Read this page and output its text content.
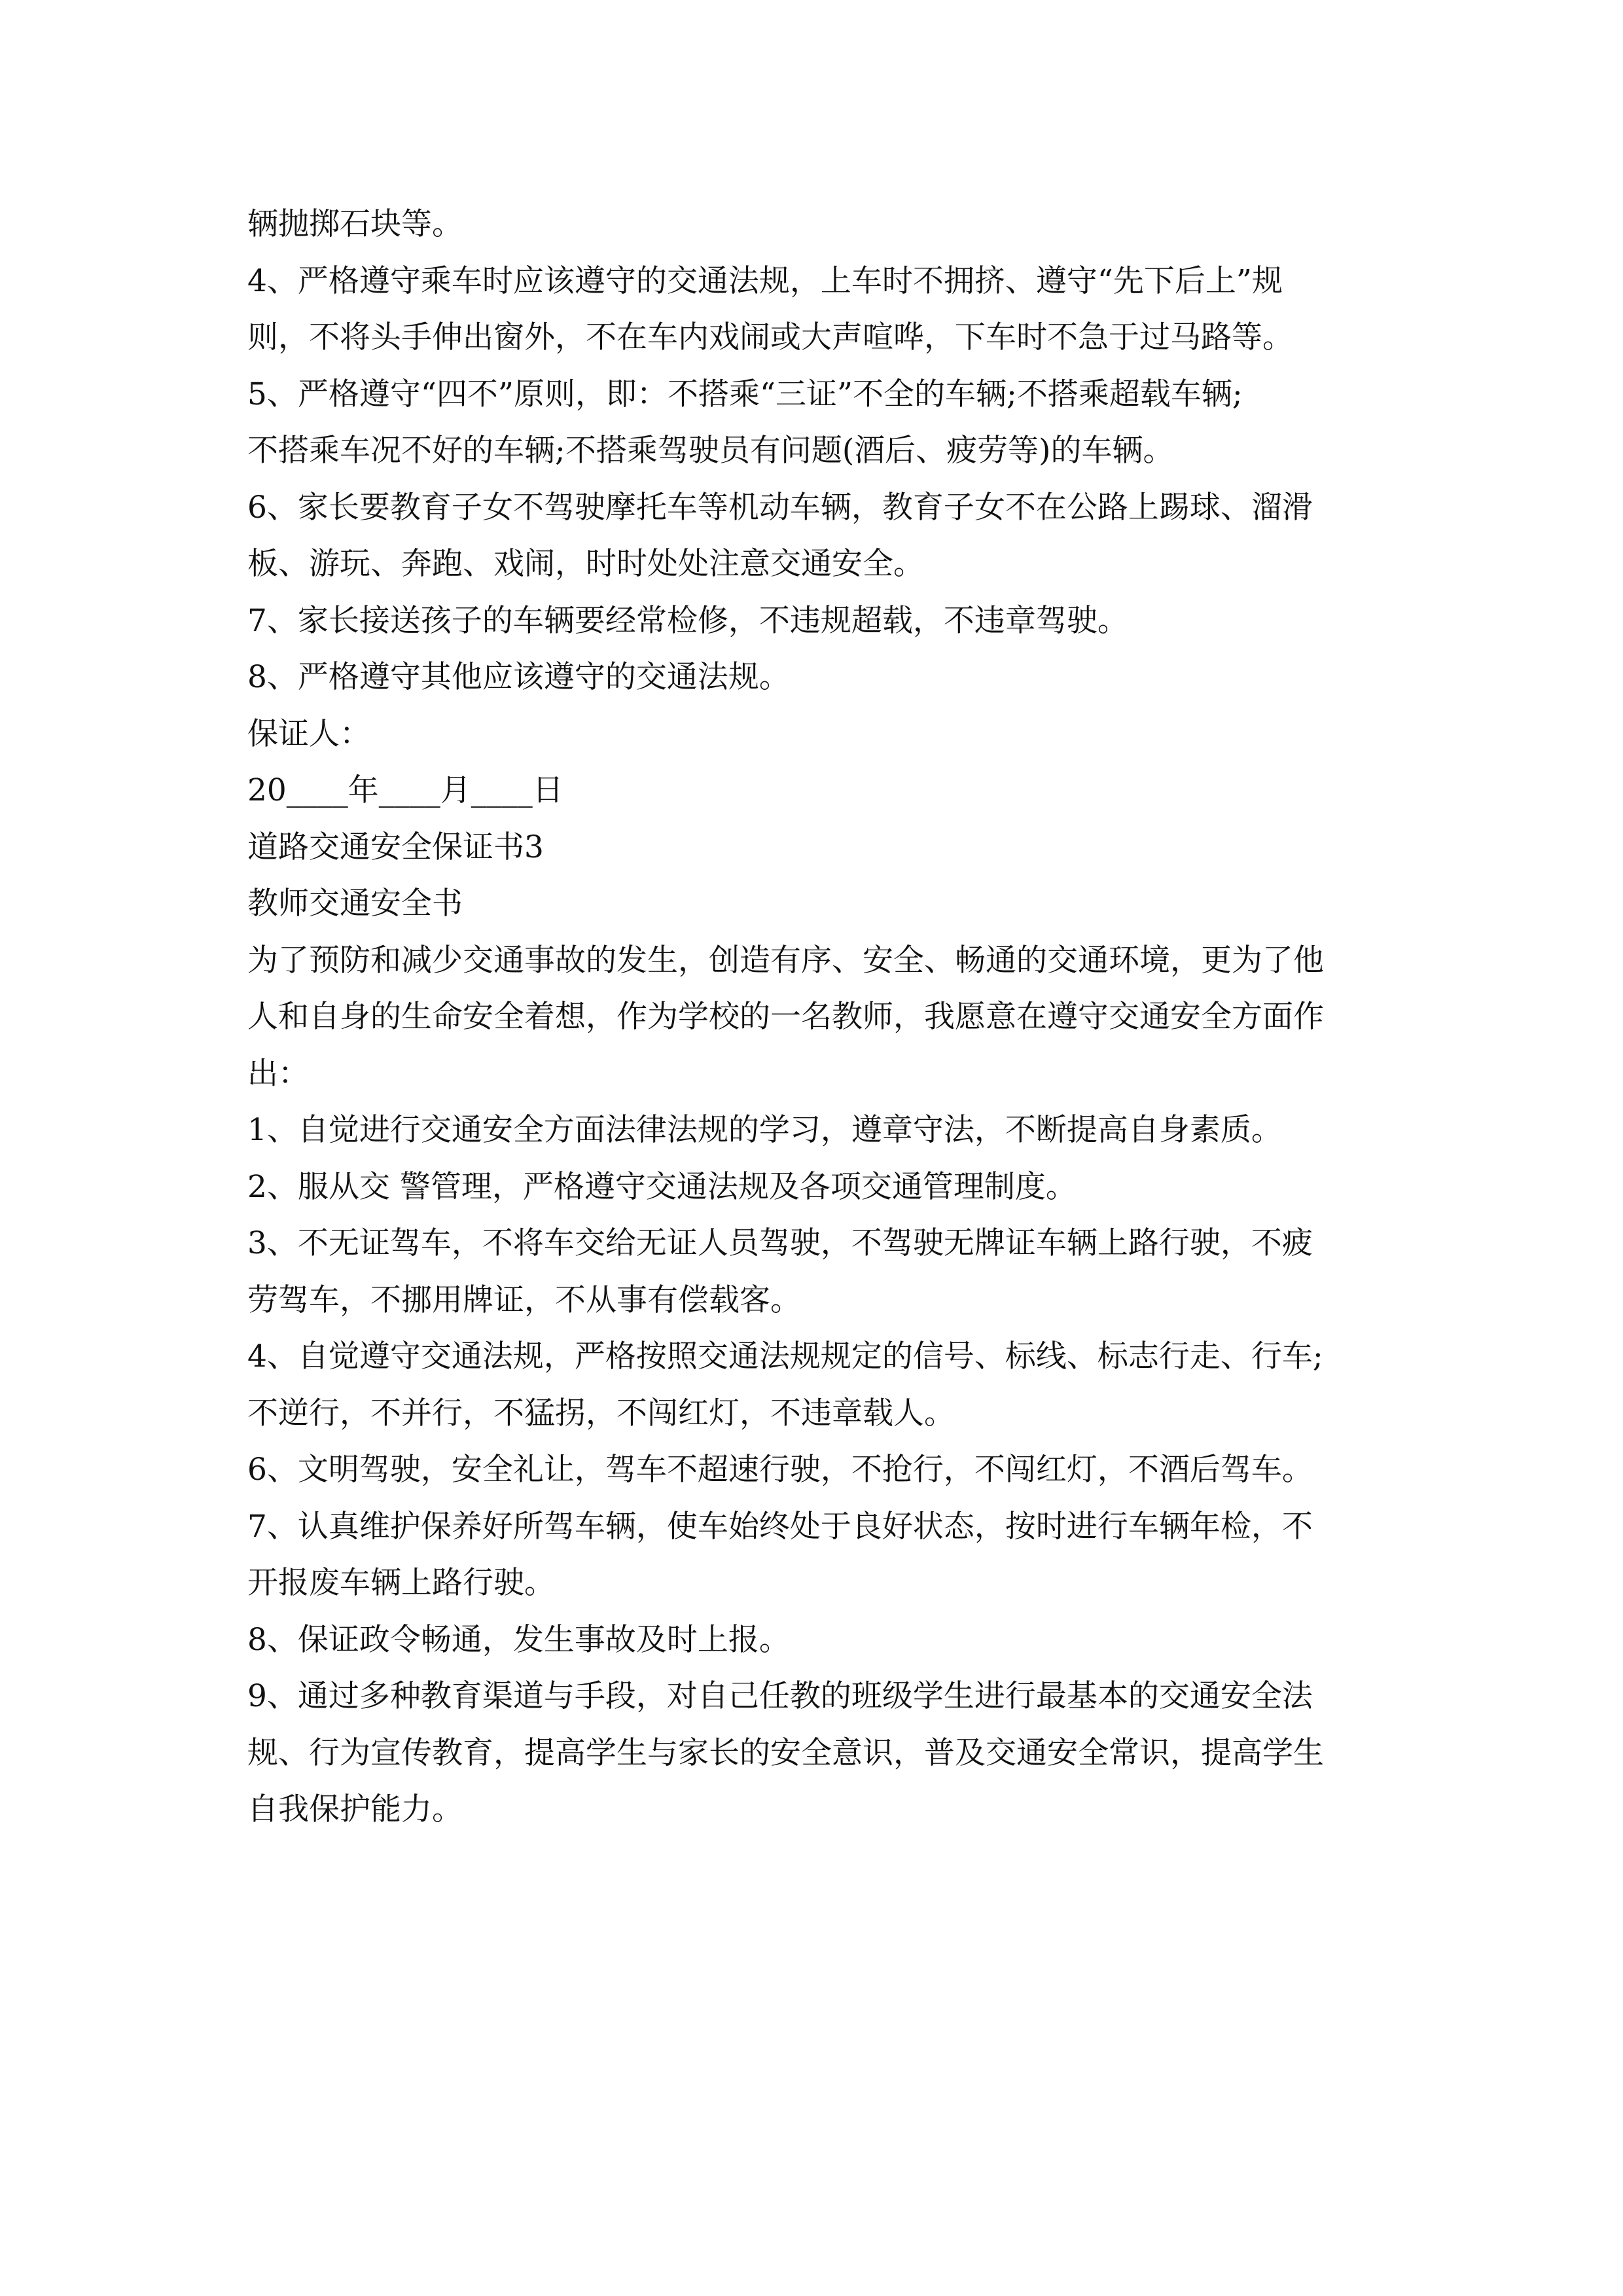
辆抛掷石块等。
4、严格遵守乘车时应该遵守的交通法规，上车时不拥挤、遵守“先下后上”规
则，不将头手伸出窗外，不在车内戏闹或大声喧哗，下车时不急于过马路等。
5、严格遵守“四不”原则，即：不搭乘“三证”不全的车辆;不搭乘超载车辆;
不搭乘车况不好的车辆;不搭乘驾驶员有问题(酒后、疲劳等)的车辆。
6、家长要教育子女不驾驶摩托车等机动车辆，教育子女不在公路上踢球、溜滑
板、游玩、奔跑、戏闹，时时处处注意交通安全。
7、家长接送孩子的车辆要经常检修，不违规超载，不违章驾驶。
8、严格遵守其他应该遵守的交通法规。
保证人：
20____年____月____日
道路交通安全保证书3
教师交通安全书
为了预防和减少交通事故的发生，创造有序、安全、畅通的交通环境，更为了他
人和自身的生命安全着想，作为学校的一名教师，我愿意在遵守交通安全方面作
出：
1、自觉进行交通安全方面法律法规的学习，遵章守法，不断提高自身素质。
2、服从交 警管理，严格遵守交通法规及各项交通管理制度。
3、不无证驾车，不将车交给无证人员驾驶，不驾驶无牌证车辆上路行驶，不疲
劳驾车，不挪用牌证，不从事有偿载客。
4、自觉遵守交通法规，严格按照交通法规规定的信号、标线、标志行走、行车;
不逆行，不并行，不猛拐，不闯红灯，不违章载人。
6、文明驾驶，安全礼让，驾车不超速行驶，不抢行，不闯红灯，不酒后驾车。
7、认真维护保养好所驾车辆，使车始终处于良好状态，按时进行车辆年检，不
开报废车辆上路行驶。
8、保证政令畅通，发生事故及时上报。
9、通过多种教育渠道与手段，对自己任教的班级学生进行最基本的交通安全法
规、行为宣传教育，提高学生与家长的安全意识，普及交通安全常识，提高学生
自我保护能力。
